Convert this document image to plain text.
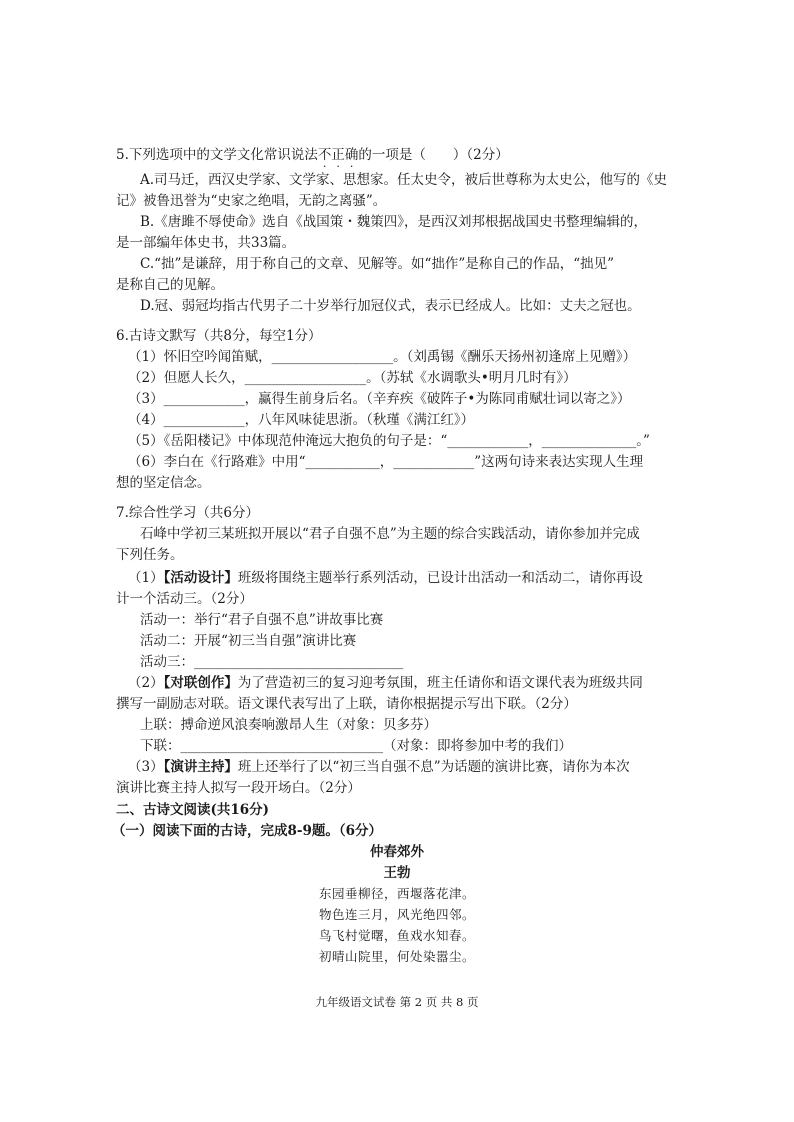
5.下列选项中的文学文化常识说法不正确的一项是（　　）（2分）
A.司马迁，西汉史学家、文学家、思想家。任太史令，被后世尊称为太史公，他写的《史
记》被鲁迅誉为“史家之绝唱，无韵之离骚”。
B.《唐雎不辱使命》选自《战国策・魏策四》，是西汉刘邦根据战国史书整理编辑的，
是一部编年体史书，共33篇。
C.“拙”是谦辞，用于称自己的文章、见解等。如“拙作”是称自己的作品，“拙见”
是称自己的见解。
D.冠、弱冠均指古代男子二十岁举行加冠仪式，表示已经成人。比如：丈夫之冠也。
6.古诗文默写（共8分，每空1分）
（1）怀旧空吟闻笛赋，__________________。（刘禹锡《酬乐天扬州初逢席上见赠》）
（2）但愿人长久，__________________。（苏轼《水调歌头•明月几时有》）
（3）____________，赢得生前身后名。（辛弃疾《破阵子•为陈同甫赋壮词以寄之》）
（4）____________，八年风味徒思浙。（秋瑾《满江红》）
（5）《岳阳楼记》中体现范仲淹远大抱负的句子是：“____________，______________。”
（6）李白在《行路难》中用“___________，____________”这两句诗来表达实现人生理
想的坚定信念。
7.综合性学习（共6分）
石峰中学初三某班拟开展以“君子自强不息”为主题的综合实践活动，请你参加并完成
下列任务。
（1）【活动设计】班级将围绕主题举行系列活动，已设计出活动一和活动二，请你再设
计一个活动三。（2分）
活动一：举行“君子自强不息”讲故事比赛
活动二：开展“初三当自强”演讲比赛
活动三：_______________________________
（2）【对联创作】为了营造初三的复习迎考氛围，班主任请你和语文课代表为班级共同
撰写一副励志对联。语文课代表写出了上联，请你根据提示写出下联。（2分）
上联：搏命逆风浪奏响激昂人生（对象：贝多芬）
下联：______________________________（对象：即将参加中考的我们）
（3）【演讲主持】班上还举行了以“初三当自强不息”为话题的演讲比赛，请你为本次
演讲比赛主持人拟写一段开场白。（2分）
二、古诗文阅读(共16分)
（一）阅读下面的古诗，完成8-9题。（6分）
仲春郊外
王勃
东园垂柳径，西堰落花津。
物色连三月，风光绝四邻。
鸟飞村觉曙，鱼戏水知春。
初晴山院里，何处染嚣尘。
九年级语文试卷 第 2 页 共 8 页
